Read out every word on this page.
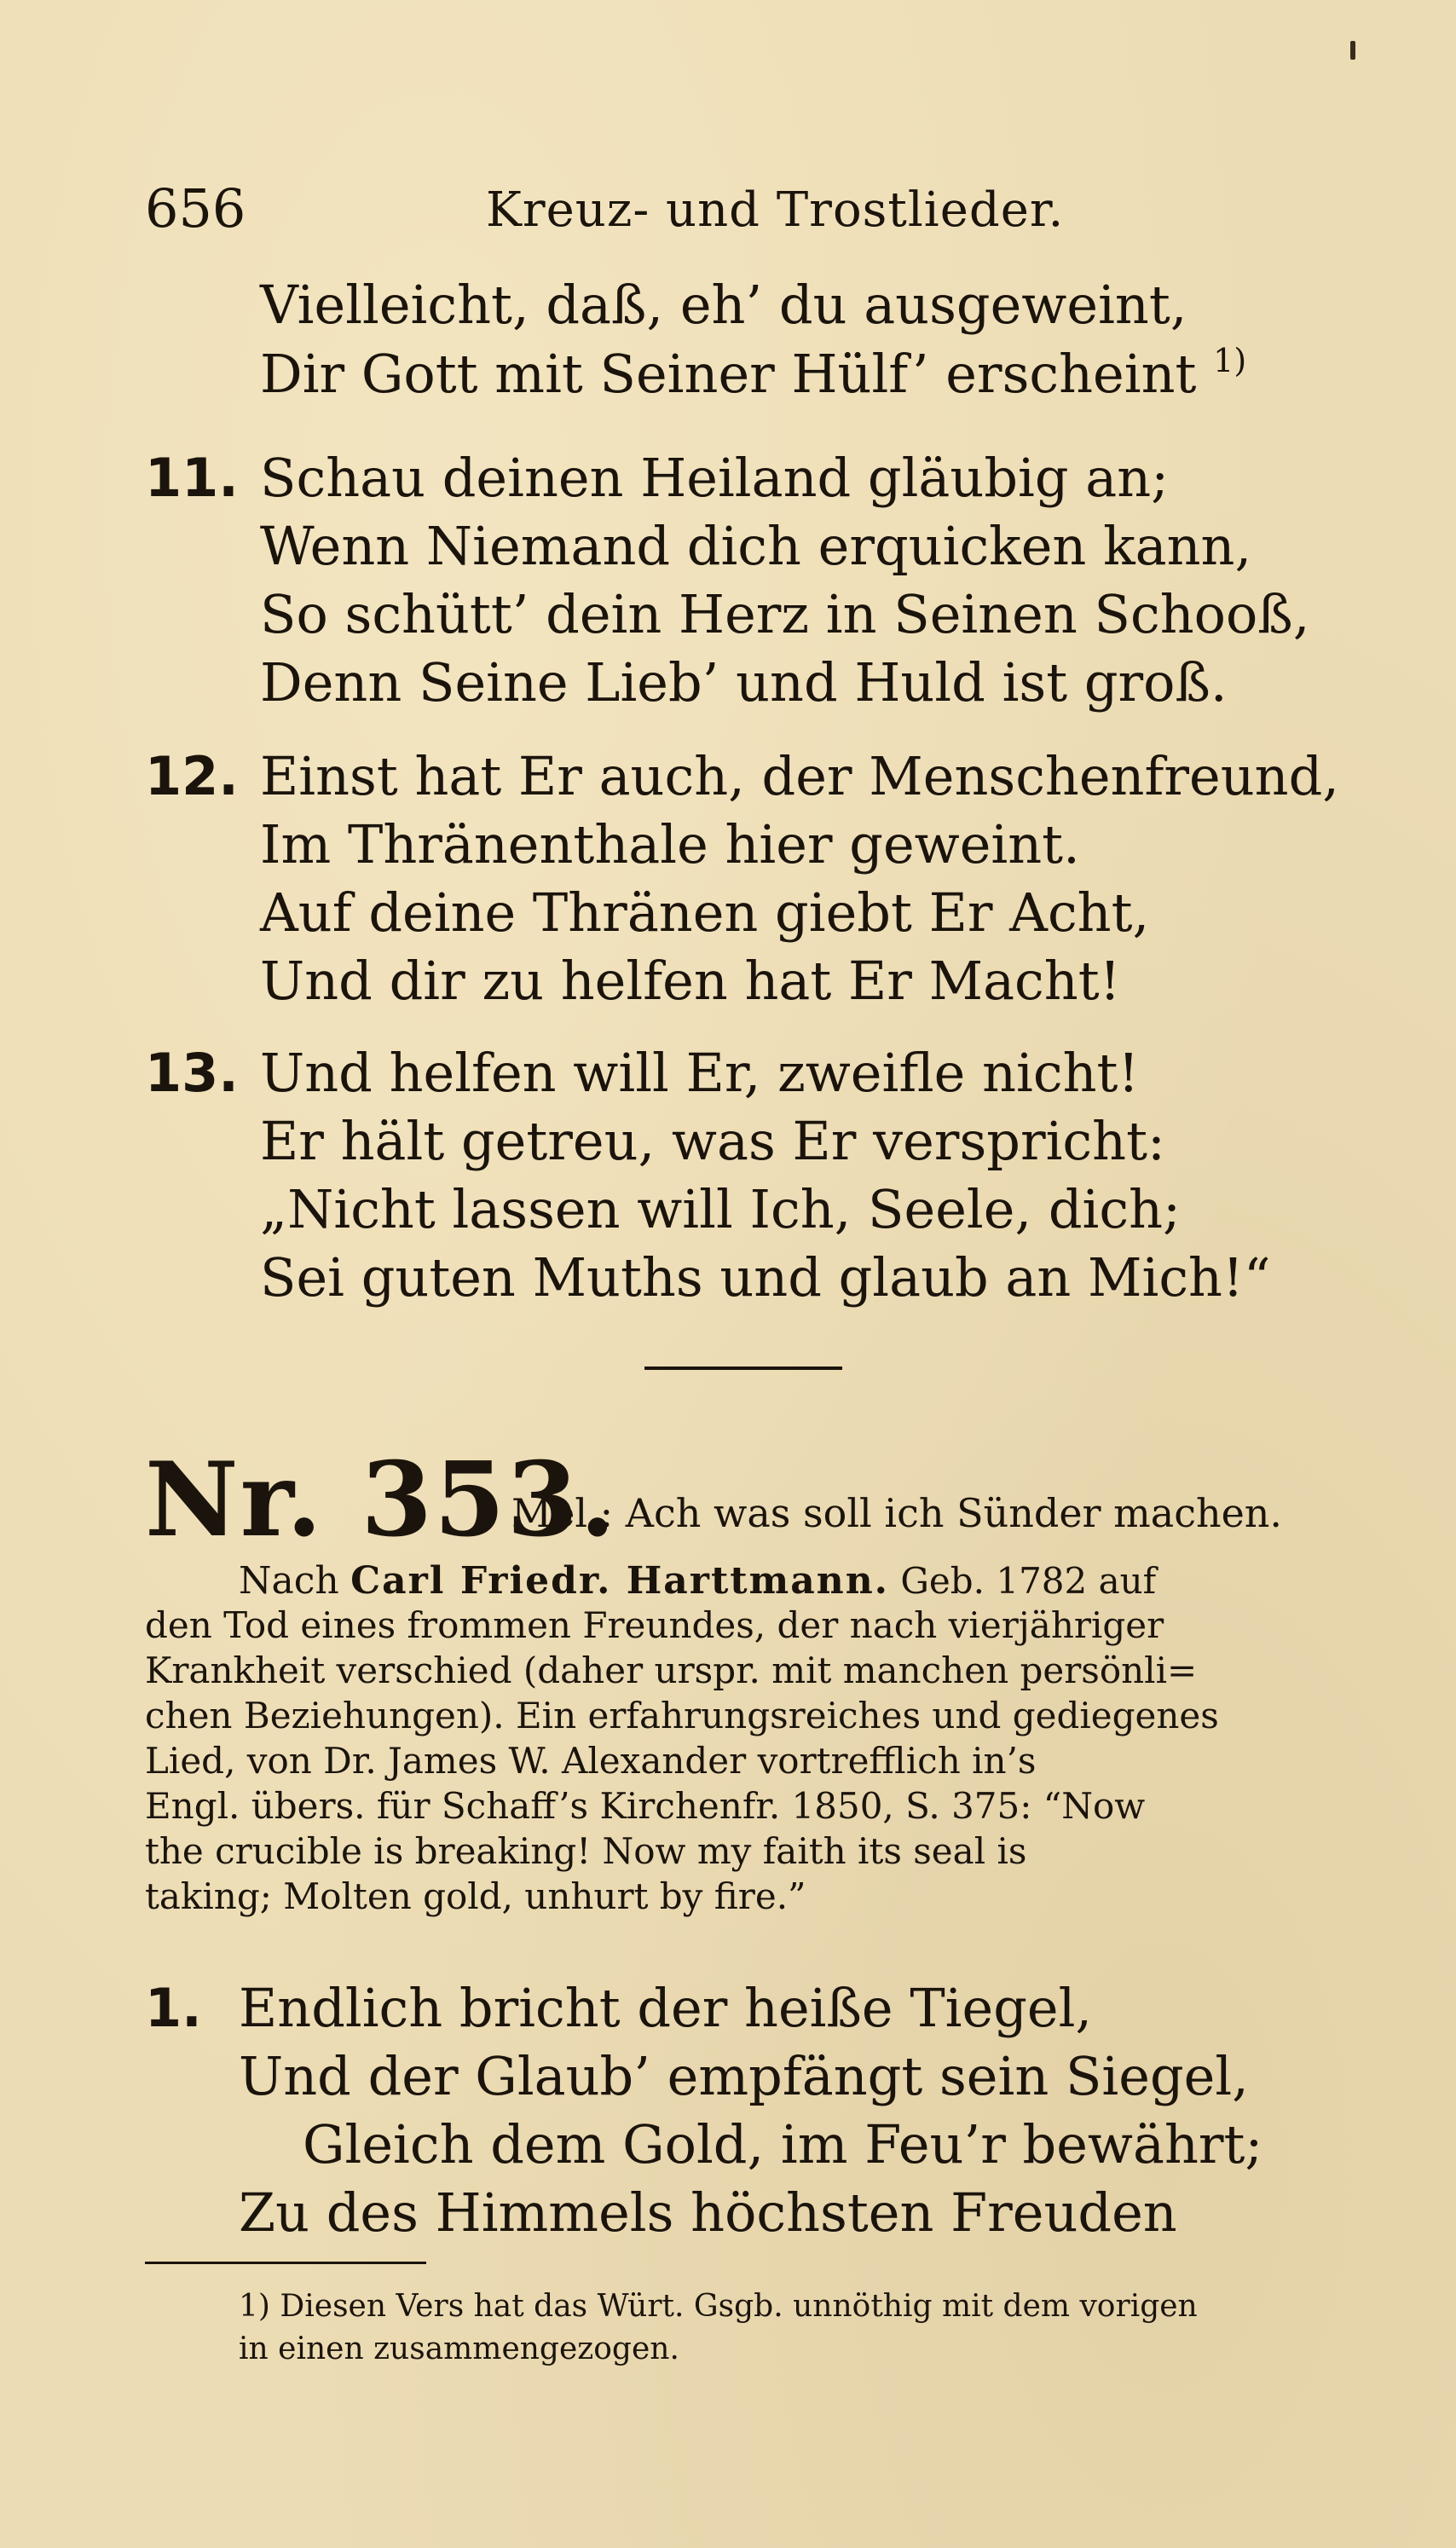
656	Kreuz- und Trostlieder.
Vielleicht, daß, eh’ du ausgeweint,
Dir Gott mit Seiner Hülf’ erscheint $^{1)}$
11. Schau deinen Heiland gläubig an;
Wenn Niemand dich erquicken kann,
So schütt’ dein Herz in Seinen Schooß,
Denn Seine Lieb’ und Huld ist groß.
12. Einst hat Er auch, der Menschenfreund,
Im Thränenthale hier geweint.
Auf deine Thränen giebt Er Acht,
Und dir zu helfen hat Er Macht!
13. Und helfen will Er, zweifle nicht!
Er hält getreu, was Er verspricht:
„Nicht lassen will Ich, Seele, dich;
Sei guten Muths und glaub an Mich!“
Nr. 353.
Mel.: Ach was soll ich Sünder machen.
Nach Carl Friedr. Harttmann. Geb. 1782 auf
den Tod eines frommen Freundes, der nach vierjähriger
Krankheit verschied (daher urspr. mit manchen persönli=
chen Beziehungen). Ein erfahrungsreiches und gediegenes
Lied, von Dr. James W. Alexander vortrefflich in’s
Engl. übers. für Schaff’s Kirchenfr. 1850, S. 375: “Now
the crucible is breaking! Now my faith its seal is
taking; Molten gold, unhurt by fire.”
1. Endlich bricht der heiße Tiegel,
Und der Glaub’ empfängt sein Siegel,
Gleich dem Gold, im Feu’r bewährt;
Zu des Himmels höchsten Freuden
1) Diesen Vers hat das Würt. Gsgb. unnöthig mit dem vorigen
in einen zusammengezogen.
